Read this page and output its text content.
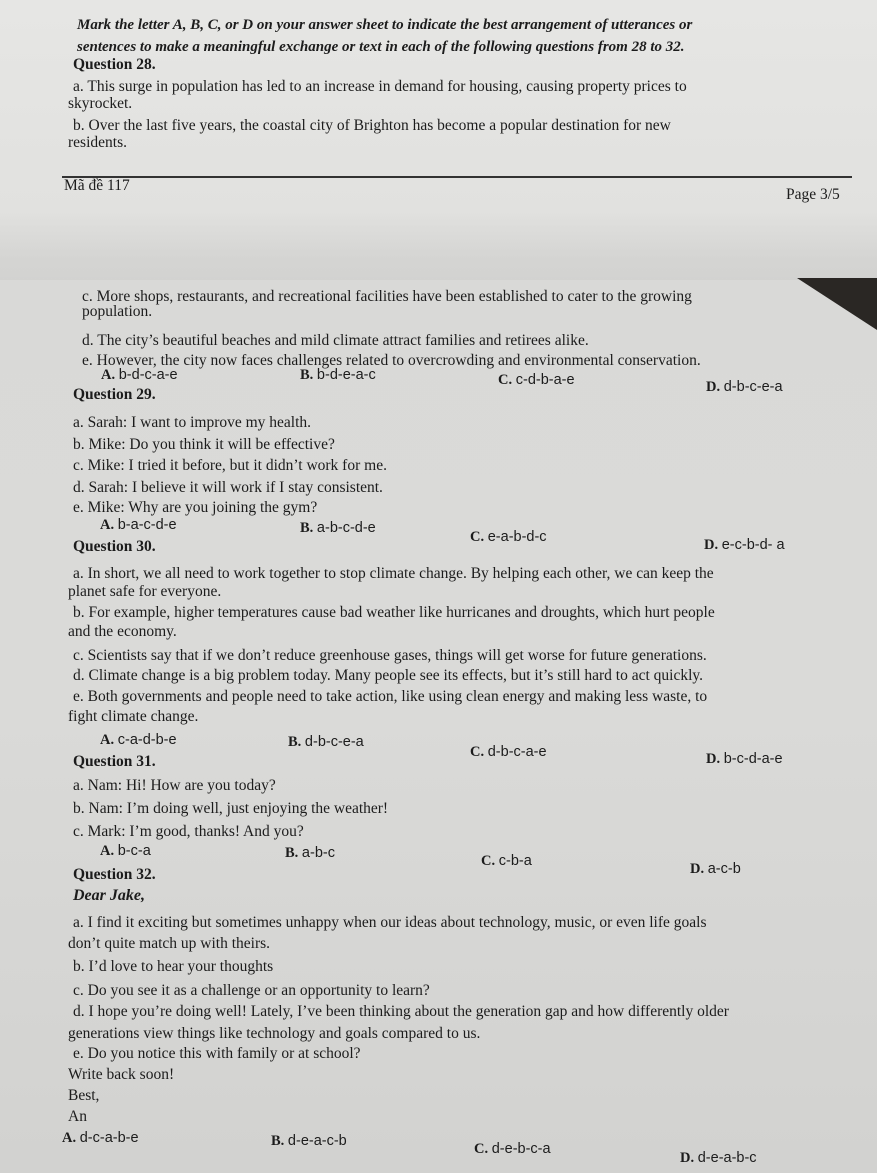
Mark the letter A, B, C, or D on your answer sheet to indicate the best arrangement of utterances or
sentences to make a meaningful exchange or text in each of the following questions from 28 to 32.
Question 28.
a. This surge in population has led to an increase in demand for housing, causing property prices to
skyrocket.
b. Over the last five years, the coastal city of Brighton has become a popular destination for new
residents.
Mã đề 117
Page 3/5
c. More shops, restaurants, and recreational facilities have been established to cater to the growing
population.
d. The city’s beautiful beaches and mild climate attract families and retirees alike.
e. However, the city now faces challenges related to overcrowding and environmental conservation.
A. b-d-c-a-e	B. b-d-e-a-c	C. c-d-b-a-e	D. d-b-c-e-a
Question 29.
a. Sarah: I want to improve my health.
b. Mike: Do you think it will be effective?
c. Mike: I tried it before, but it didn’t work for me.
d. Sarah: I believe it will work if I stay consistent.
e. Mike: Why are you joining the gym?
A. b-a-c-d-e	B. a-b-c-d-e
C. e-a-b-d-c	D. e-c-b-d- a
Question 30.
a. In short, we all need to work together to stop climate change. By helping each other, we can keep the
planet safe for everyone.
b. For example, higher temperatures cause bad weather like hurricanes and droughts, which hurt people
and the economy.
c. Scientists say that if we don’t reduce greenhouse gases, things will get worse for future generations.
d. Climate change is a big problem today. Many people see its effects, but it’s still hard to act quickly.
e. Both governments and people need to take action, like using clean energy and making less waste, to
fight climate change.
A. c-a-d-b-e	B. d-b-c-e-a
C. d-b-c-a-e	D. b-c-d-a-e
Question 31.
a. Nam: Hi! How are you today?
b. Nam: I’m doing well, just enjoying the weather!
c. Mark: I’m good, thanks! And you?
A. b-c-a	B. a-b-c	C. c-b-a	D. a-c-b
Question 32.
Dear Jake,
a. I find it exciting but sometimes unhappy when our ideas about technology, music, or even life goals
don’t quite match up with theirs.
b. I’d love to hear your thoughts
c. Do you see it as a challenge or an opportunity to learn?
d. I hope you’re doing well! Lately, I’ve been thinking about the generation gap and how differently older
generations view things like technology and goals compared to us.
e. Do you notice this with family or at school?
Write back soon!
Best,
An
A. d-c-a-b-e	B. d-e-a-c-b	C. d-e-b-c-a
D. d-e-a-b-c
